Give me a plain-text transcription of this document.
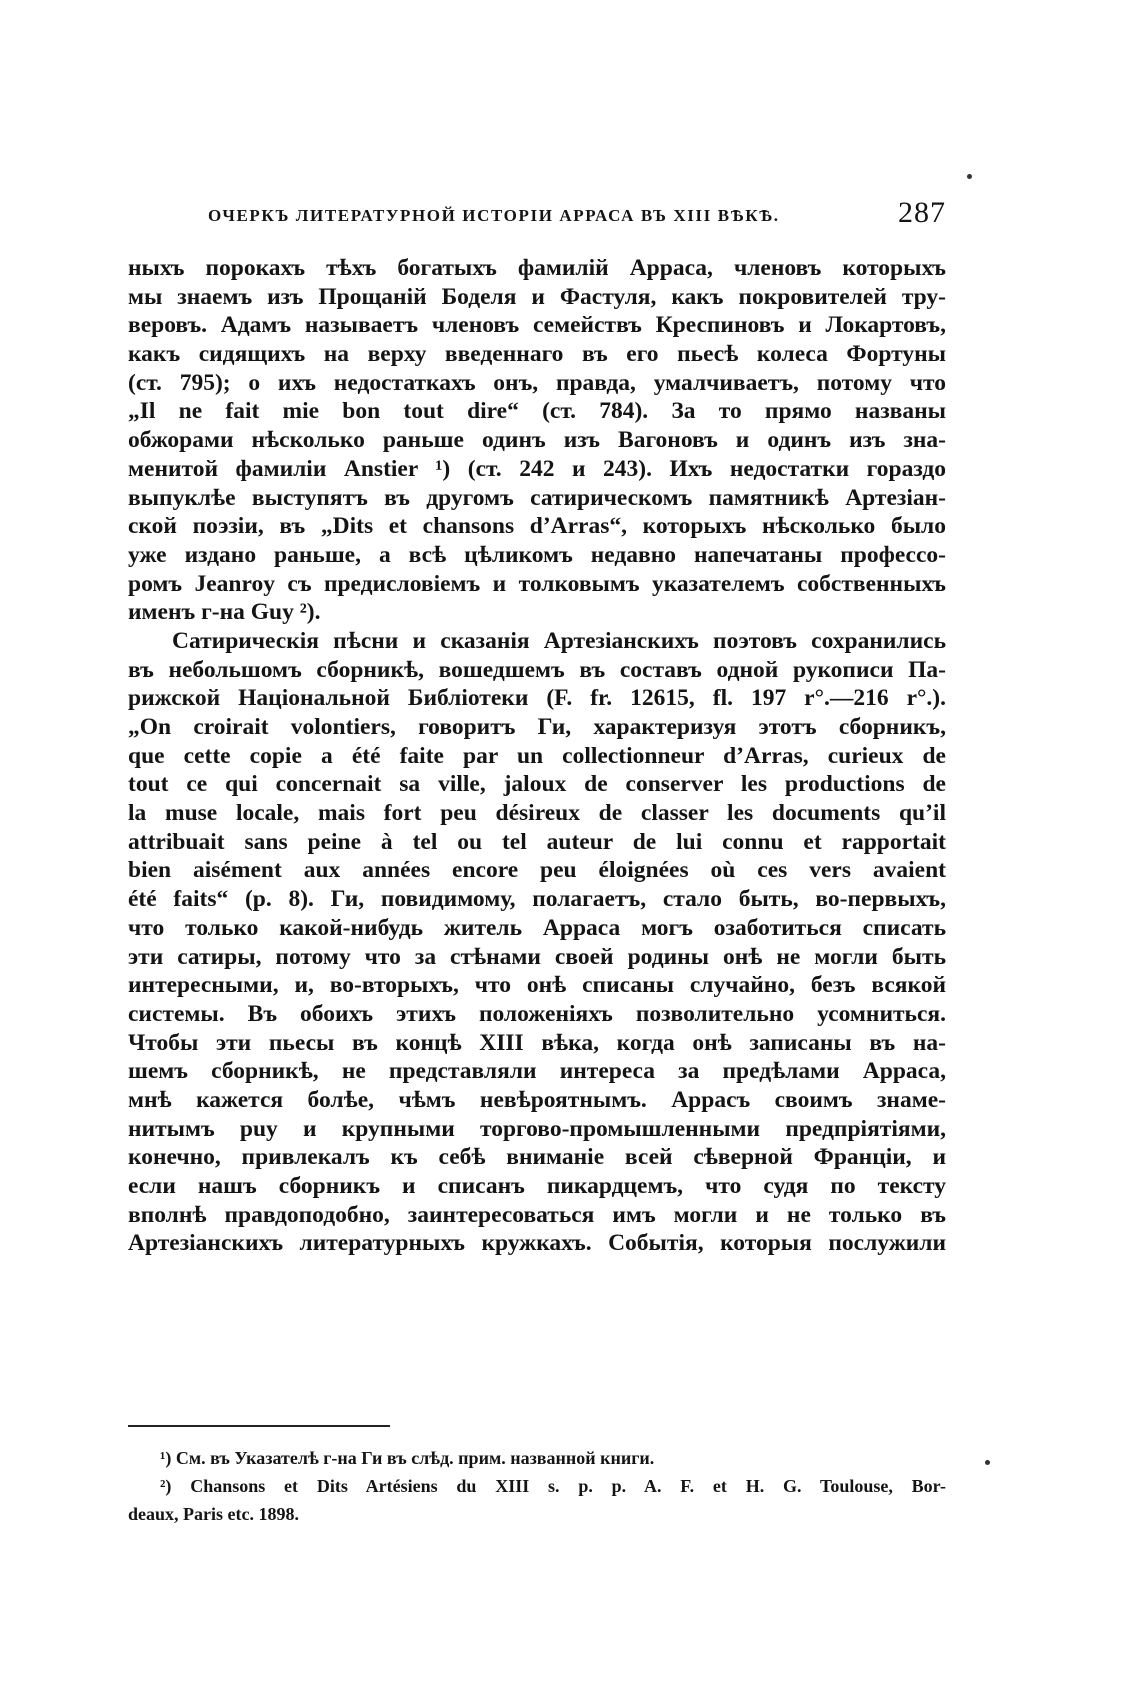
ОЧЕРКЪ ЛИТЕРАТУРНОЙ ИСТОРІИ АРРАСА ВЪ XIII ВѢКѢ.	287
ныхъ порокахъ тѣхъ богатыхъ фамилій Арраса, членовъ которыхъ
мы знаемъ изъ Прощаній Боделя и Фастуля, какъ покровителей тру-
веровъ. Адамъ называетъ членовъ семействъ Креспиновъ и Локартовъ,
какъ сидящихъ на верху введеннаго въ его пьесѣ колеса Фортуны
(ст. 795); о ихъ недостаткахъ онъ, правда, умалчиваетъ, потому что
„Il ne fait mie bon tout dire“ (ст. 784). За то прямо названы
обжорами нѣсколько раньше одинъ изъ Вагоновъ и одинъ изъ зна-
менитой фамиліи Anstier ¹) (ст. 242 и 243). Ихъ недостатки гораздо
выпуклѣе выступятъ въ другомъ сатирическомъ памятникѣ Артезіан-
ской поэзіи, въ „Dits et chansons d’Arras“, которыхъ нѣсколько было
уже издано раньше, а всѣ цѣликомъ недавно напечатаны профессо-
ромъ Jeanroy съ предисловіемъ и толковымъ указателемъ собственныхъ
именъ г-на Guy ²).
Сатирическія пѣсни и сказанія Артезіанскихъ поэтовъ сохранились
въ небольшомъ сборникѣ, вошедшемъ въ составъ одной рукописи Па-
рижской Національной Библіотеки (F. fr. 12615, fl. 197 r°.—216 r°.).
„On croirait volontiers, говоритъ Ги, характеризуя этотъ сборникъ,
que cette copie a été faite par un collectionneur d’Arras, curieux de
tout ce qui concernait sa ville, jaloux de conserver les productions de
la muse locale, mais fort peu désireux de classer les documents qu’il
attribuait sans peine à tel ou tel auteur de lui connu et rapportait
bien aisément aux années encore peu éloignées où ces vers avaient
été faits“ (p. 8). Ги, повидимому, полагаетъ, стало быть, во-первыхъ,
что только какой-нибудь житель Арраса могъ озаботиться списать
эти сатиры, потому что за стѣнами своей родины онѣ не могли быть
интересными, и, во-вторыхъ, что онѣ списаны случайно, безъ всякой
системы. Въ обоихъ этихъ положеніяхъ позволительно усомниться.
Чтобы эти пьесы въ концѣ XIII вѣка, когда онѣ записаны въ на-
шемъ сборникѣ, не представляли интереса за предѣлами Арраса,
мнѣ кажется болѣе, чѣмъ невѣроятнымъ. Аррасъ своимъ знаме-
нитымъ puy и крупными торгово-промышленными предпріятіями,
конечно, привлекалъ къ себѣ вниманіе всей сѣверной Франціи, и
если нашъ сборникъ и списанъ пикардцемъ, что судя по тексту
вполнѣ правдоподобно, заинтересоваться имъ могли и не только въ
Артезіанскихъ литературныхъ кружкахъ. Событія, которыя послужили
¹) См. въ Указателѣ г-на Ги въ слѣд. прим. названной книги.
²) Chansons et Dits Artésiens du XIII s. p. p. A. F. et H. G. Toulouse, Bor-
deaux, Paris etc. 1898.
